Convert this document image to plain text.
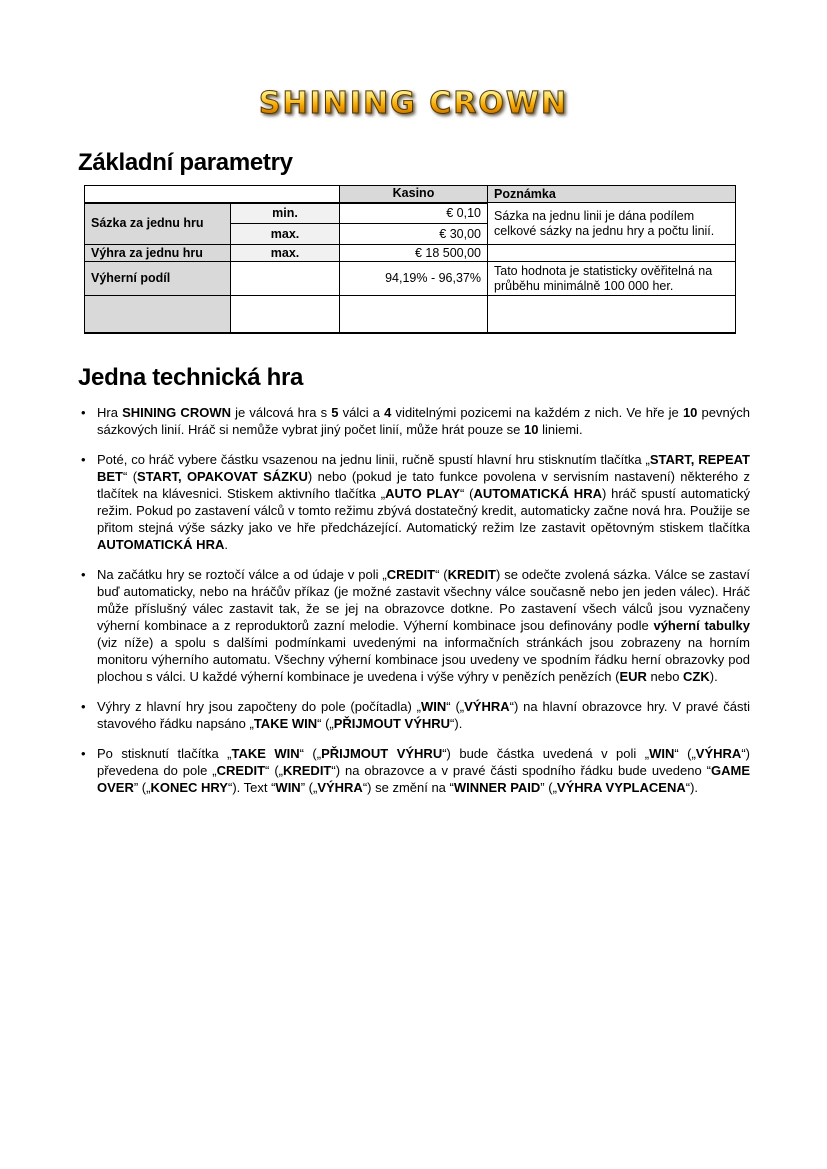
SHINING CROWN
Základní parametry
		Kasino	Poznámka
Sázka za jednu hru	min.	€ 0,10	Sázka na jednu linii je dána podílem celkové sázky na jednu hry a počtu linií.
	max.	€ 30,00	
Výhra za jednu hru	max.	€ 18 500,00	
Výherní podíl		94,19% - 96,37%	Tato hodnota je statisticky ověřitelná na průběhu minimálně 100 000 her.

Jedna technická hra
• Hra SHINING CROWN je válcová hra s 5 válci a 4 viditelnými pozicemi na každém z nich. Ve hře je 10 pevných sázkových linií. Hráč si nemůže vybrat jiný počet linií, může hrát pouze se 10 liniemi.
• Poté, co hráč vybere částku vsazenou na jednu linii, ručně spustí hlavní hru stisknutím tlačítka „START, REPEAT BET“ (START, OPAKOVAT SÁZKU) nebo (pokud je tato funkce povolena v servisním nastavení) některého z tlačítek na klávesnici. Stiskem aktivního tlačítka „AUTO PLAY“ (AUTOMATICKÁ HRA) hráč spustí automatický režim. Pokud po zastavení válců v tomto režimu zbývá dostatečný kredit, automaticky začne nová hra. Použije se přitom stejná výše sázky jako ve hře předcházející. Automatický režim lze zastavit opětovným stiskem tlačítka AUTOMATICKÁ HRA.
• Na začátku hry se roztočí válce a od údaje v poli „CREDIT“ (KREDIT) se odečte zvolená sázka. Válce se zastaví buď automaticky, nebo na hráčův příkaz (je možné zastavit všechny válce současně nebo jen jeden válec). Hráč může příslušný válec zastavit tak, že se jej na obrazovce dotkne. Po zastavení všech válců jsou vyznačeny výherní kombinace a z reproduktorů zazní melodie. Výherní kombinace jsou definovány podle výherní tabulky (viz níže) a spolu s dalšími podmínkami uvedenými na informačních stránkách jsou zobrazeny na horním monitoru výherního automatu. Všechny výherní kombinace jsou uvedeny ve spodním řádku herní obrazovky pod plochou s válci. U každé výherní kombinace je uvedena i výše výhry v penězích penězích (EUR nebo CZK).
• Výhry z hlavní hry jsou započteny do pole (počítadla) „WIN“ („VÝHRA“) na hlavní obrazovce hry. V pravé části stavového řádku napsáno „TAKE WIN“ („PŘIJMOUT VÝHRU“).
• Po stisknutí tlačítka „TAKE WIN“ („PŘIJMOUT VÝHRU“) bude částka uvedená v poli „WIN“ („VÝHRA“) převedena do pole „CREDIT“ („KREDIT“) na obrazovce a v pravé části spodního řádku bude uvedeno “GAME OVER” („KONEC HRY“). Text “WIN” („VÝHRA“) se změní na “WINNER PAID” („VÝHRA VYPLACENA“).
